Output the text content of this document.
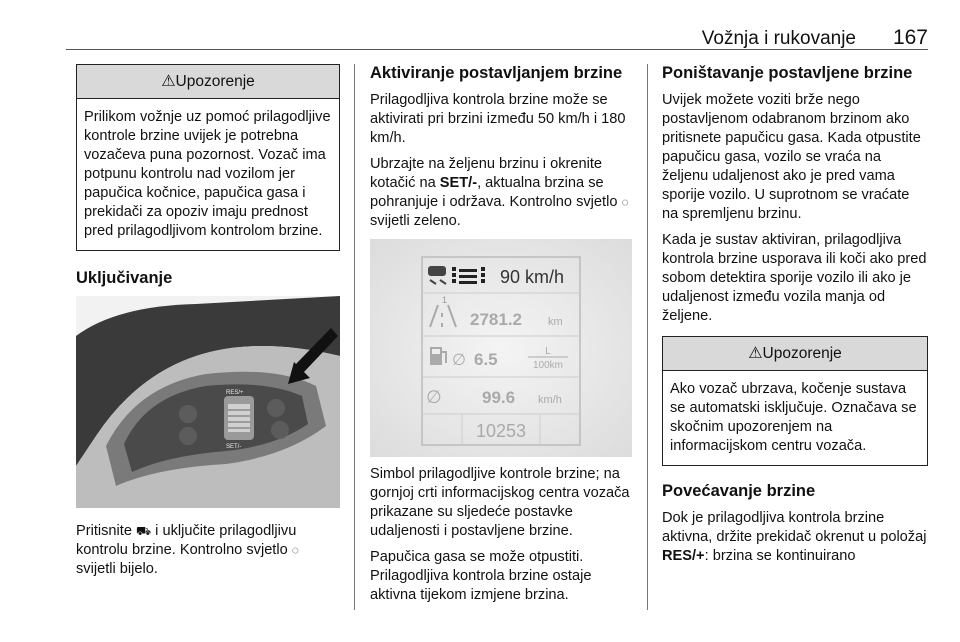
Vožnja i rukovanje 167
⚠Upozorenje
Prilikom vožnje uz pomoć prilagodljive kontrole brzine uvijek je potrebna vozačeva puna pozornost. Vozač ima potpunu kontrolu nad vozilom jer papučica kočnice, papučica gasa i prekidači za opoziv imaju prednost pred prilagodljivom kontrolom brzine.
Uključivanje
RES/+
SET/-

Pritisnite ⛟ i uključite prilagodljivu kontrolu brzine. Kontrolno svjetlo ◌ svijetli bijelo.

Aktiviranje postavljanjem brzine

Prilagodljiva kontrola brzine može se aktivirati pri brzini između 50 km/h i 180 km/h.

Ubrzajte na željenu brzinu i okrenite kotačić na SET/-, aktualna brzina se pohranjuje i održava. Kontrolno svjetlo ◌ svijetli zeleno.

90 km/h
1
2781.2 km
∅ 6.5	L
100km
∅ 99.6 km/h
10253

Simbol prilagodljive kontrole brzine; na gornjoj crti informacijskog centra vozača prikazane su sljedeće postavke udaljenosti i postavljene brzine.

Papučica gasa se može otpustiti. Prilagodljiva kontrola brzine ostaje aktivna tijekom izmjene brzina.

Poništavanje postavljene brzine

Uvijek možete voziti brže nego postavljenom odabranom brzinom ako pritisnete papučicu gasa. Kada otpustite papučicu gasa, vozilo se vraća na željenu udaljenost ako je pred vama sporije vozilo. U suprotnom se vraćate na spremljenu brzinu.

Kada je sustav aktiviran, prilagodljiva kontrola brzine usporava ili koči ako pred sobom detektira sporije vozilo ili ako je udaljenost između vozila manja od željene.

⚠Upozorenje
Ako vozač ubrzava, kočenje sustava se automatski isključuje. Označava se skočnim upozorenjem na informacijskom centru vozača.
Povećavanje brzine

Dok je prilagodljiva kontrola brzine aktivna, držite prekidač okrenut u položaj RES/+: brzina se kontinuirano
